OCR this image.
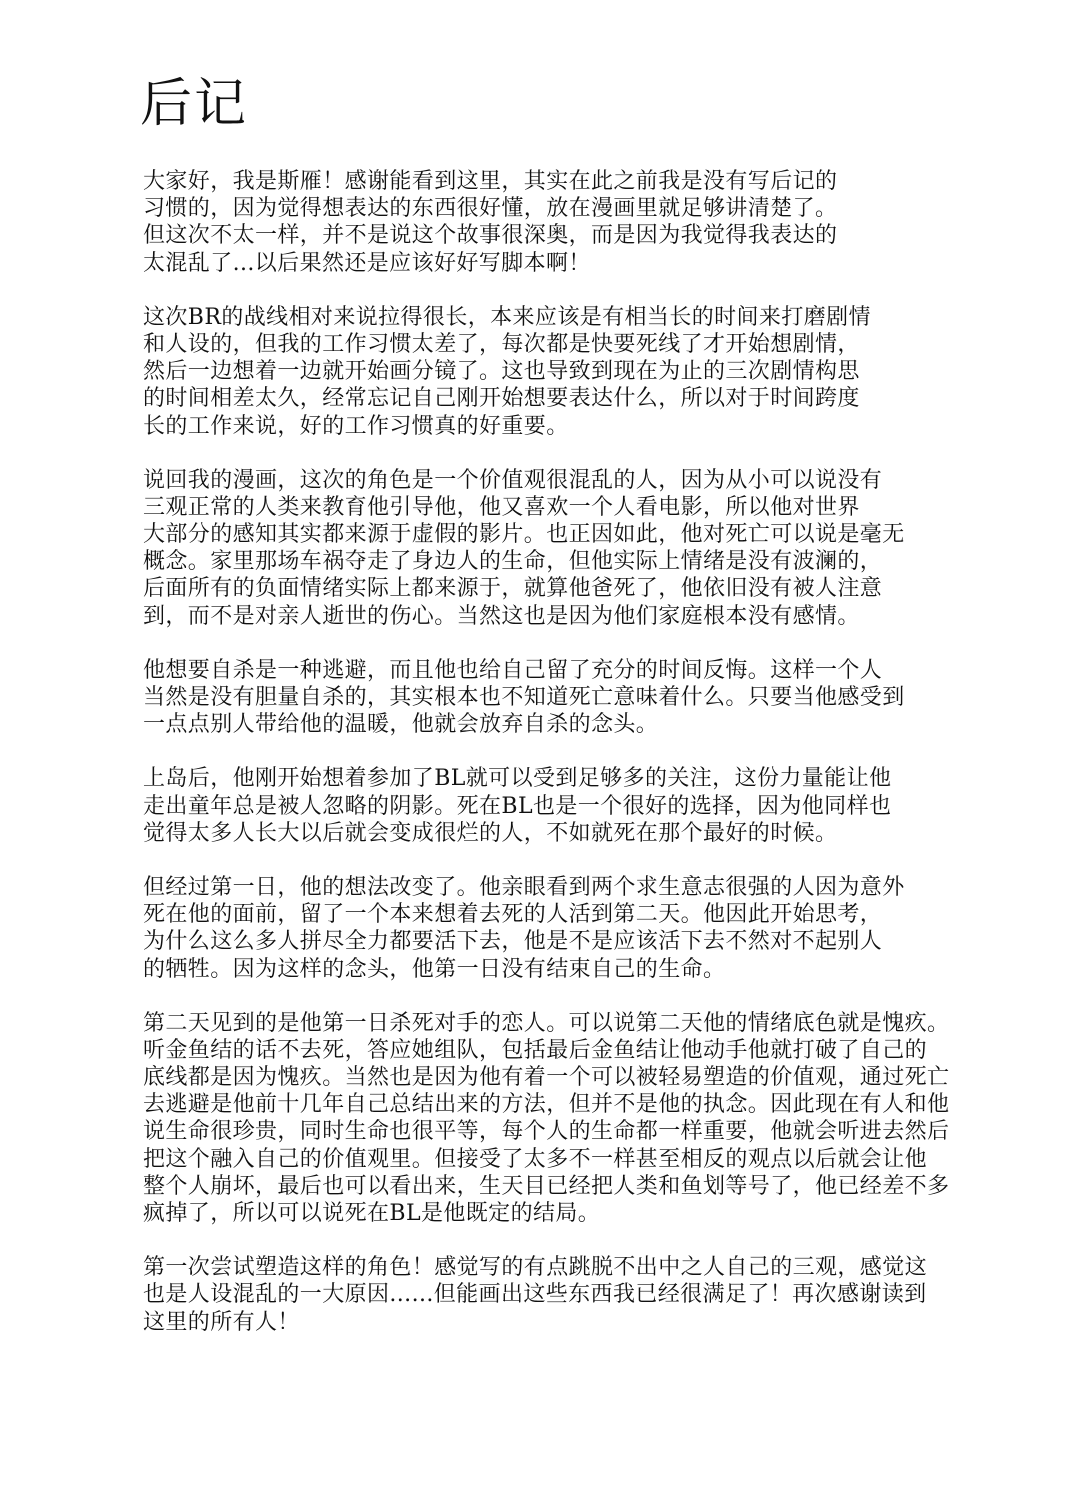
后记
大家好，我是斯雁！感谢能看到这里，其实在此之前我是没有写后记的
习惯的，因为觉得想表达的东西很好懂，放在漫画里就足够讲清楚了。
但这次不太一样，并不是说这个故事很深奥，而是因为我觉得我表达的
太混乱了...以后果然还是应该好好写脚本啊！
这次BR的战线相对来说拉得很长，本来应该是有相当长的时间来打磨剧情
和人设的，但我的工作习惯太差了，每次都是快要死线了才开始想剧情，
然后一边想着一边就开始画分镜了。这也导致到现在为止的三次剧情构思
的时间相差太久，经常忘记自己刚开始想要表达什么，所以对于时间跨度
长的工作来说，好的工作习惯真的好重要。
说回我的漫画，这次的角色是一个价值观很混乱的人，因为从小可以说没有
三观正常的人类来教育他引导他，他又喜欢一个人看电影，所以他对世界
大部分的感知其实都来源于虚假的影片。也正因如此，他对死亡可以说是毫无
概念。家里那场车祸夺走了身边人的生命，但他实际上情绪是没有波澜的，
后面所有的负面情绪实际上都来源于，就算他爸死了，他依旧没有被人注意
到，而不是对亲人逝世的伤心。当然这也是因为他们家庭根本没有感情。
他想要自杀是一种逃避，而且他也给自己留了充分的时间反悔。这样一个人
当然是没有胆量自杀的，其实根本也不知道死亡意味着什么。只要当他感受到
一点点别人带给他的温暖，他就会放弃自杀的念头。
上岛后，他刚开始想着参加了BL就可以受到足够多的关注，这份力量能让他
走出童年总是被人忽略的阴影。死在BL也是一个很好的选择，因为他同样也
觉得太多人长大以后就会变成很烂的人，不如就死在那个最好的时候。
但经过第一日，他的想法改变了。他亲眼看到两个求生意志很强的人因为意外
死在他的面前，留了一个本来想着去死的人活到第二天。他因此开始思考，
为什么这么多人拼尽全力都要活下去，他是不是应该活下去不然对不起别人
的牺牲。因为这样的念头，他第一日没有结束自己的生命。
第二天见到的是他第一日杀死对手的恋人。可以说第二天他的情绪底色就是愧疚。
听金鱼结的话不去死，答应她组队，包括最后金鱼结让他动手他就打破了自己的
底线都是因为愧疚。当然也是因为他有着一个可以被轻易塑造的价值观，通过死亡
去逃避是他前十几年自己总结出来的方法，但并不是他的执念。因此现在有人和他
说生命很珍贵，同时生命也很平等，每个人的生命都一样重要，他就会听进去然后
把这个融入自己的价值观里。但接受了太多不一样甚至相反的观点以后就会让他
整个人崩坏，最后也可以看出来，生天目已经把人类和鱼划等号了，他已经差不多
疯掉了，所以可以说死在BL是他既定的结局。
第一次尝试塑造这样的角色！感觉写的有点跳脱不出中之人自己的三观，感觉这
也是人设混乱的一大原因......但能画出这些东西我已经很满足了！再次感谢读到
这里的所有人！
